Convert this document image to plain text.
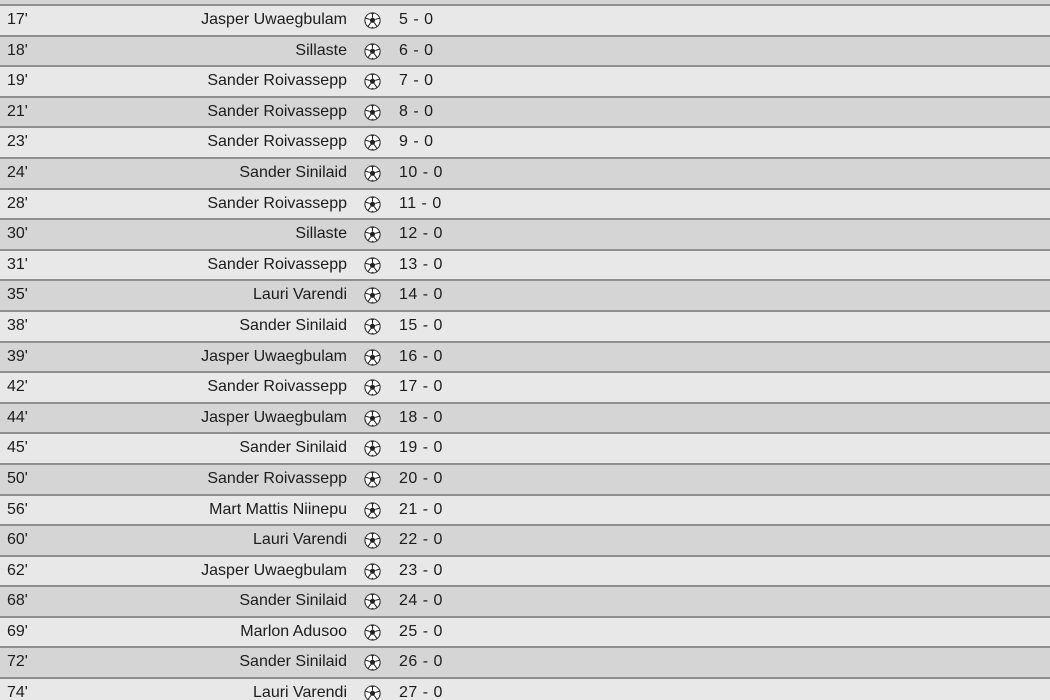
17'	Jasper Uwaegbulam	5 - 0
18'	Sillaste	6 - 0
19'	Sander Roivassepp	7 - 0
21'	Sander Roivassepp	8 - 0
23'	Sander Roivassepp	9 - 0
24'	Sander Sinilaid	10 - 0
28'	Sander Roivassepp	11 - 0
30'	Sillaste	12 - 0
31'	Sander Roivassepp	13 - 0
35'	Lauri Varendi	14 - 0
38'	Sander Sinilaid	15 - 0
39'	Jasper Uwaegbulam	16 - 0
42'	Sander Roivassepp	17 - 0
44'	Jasper Uwaegbulam	18 - 0
45'	Sander Sinilaid	19 - 0
50'	Sander Roivassepp	20 - 0
56'	Mart Mattis Niinepu	21 - 0
60'	Lauri Varendi	22 - 0
62'	Jasper Uwaegbulam	23 - 0
68'	Sander Sinilaid	24 - 0
69'	Marlon Adusoo	25 - 0
72'	Sander Sinilaid	26 - 0
74'	Lauri Varendi	27 - 0
